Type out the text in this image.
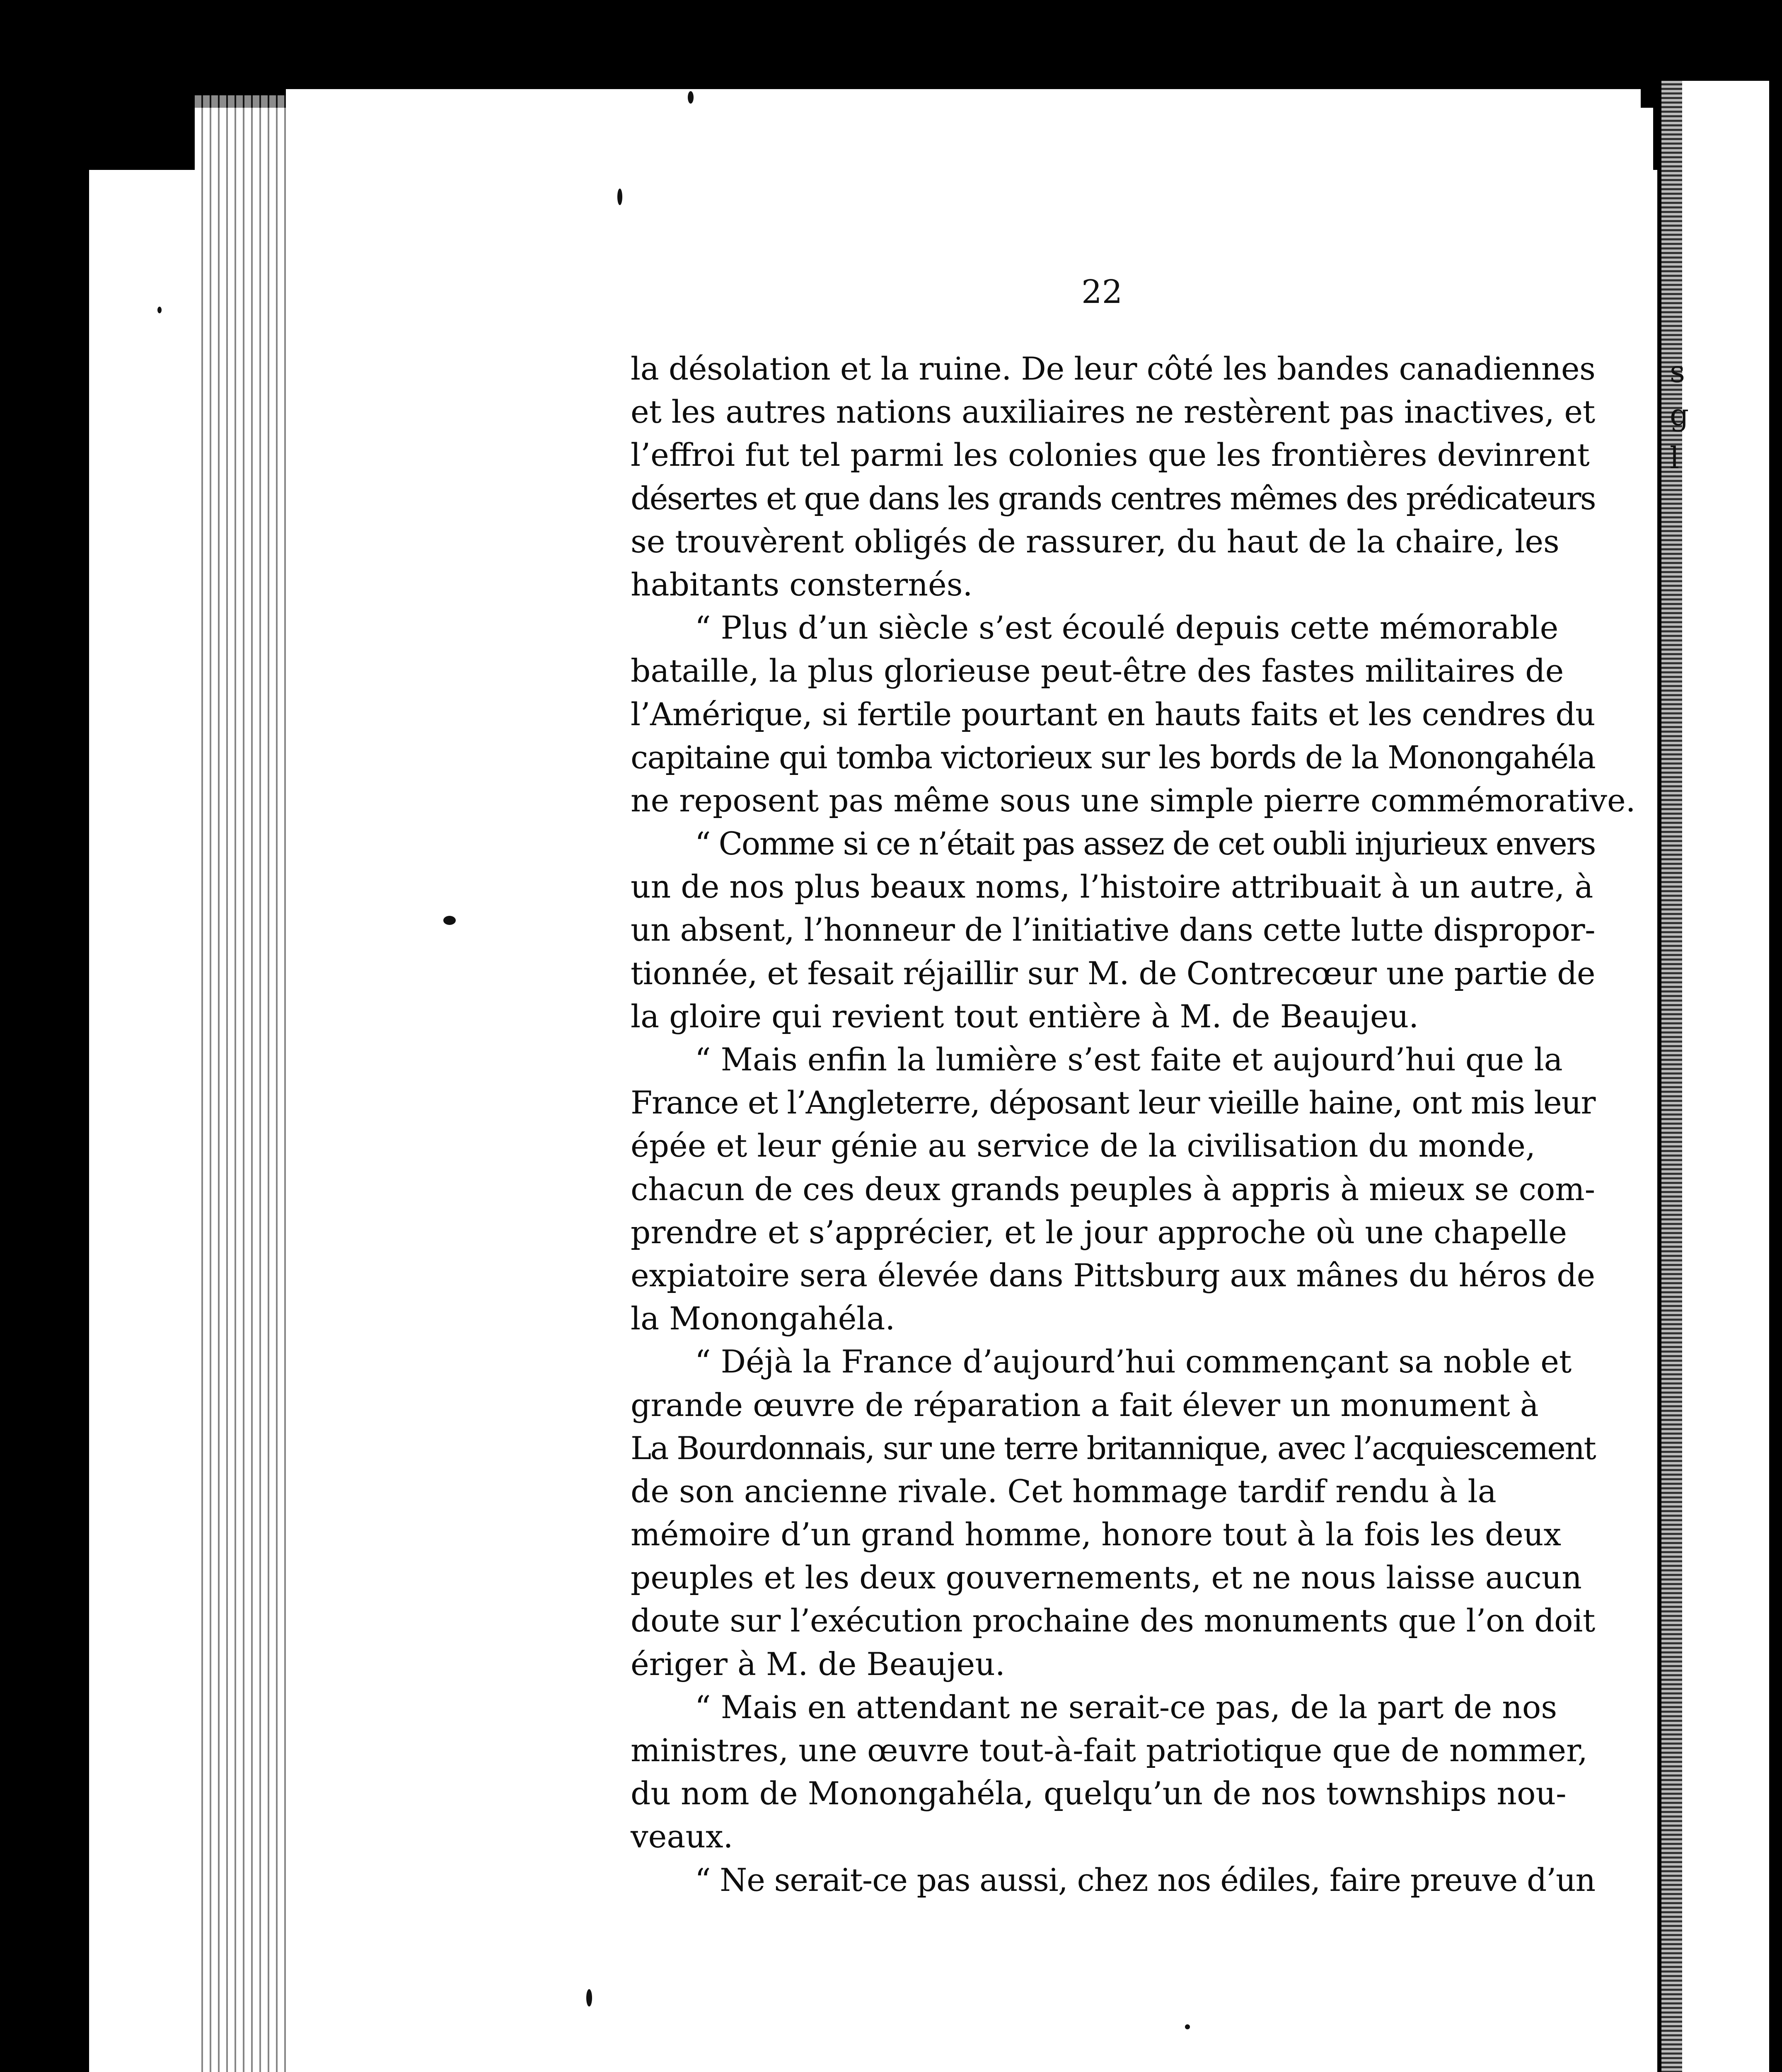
s
g
l
22
la désolation et la ruine. De leur côté les bandes canadiennes
et les autres nations auxiliaires ne restèrent pas inactives, et
l’effroi fut tel parmi les colonies que les frontières devinrent
désertes et que dans les grands centres mêmes des prédicateurs
se trouvèrent obligés de rassurer, du haut de la chaire, les
habitants consternés.
“ Plus d’un siècle s’est écoulé depuis cette mémorable
bataille, la plus glorieuse peut-être des fastes militaires de
l’Amérique, si fertile pourtant en hauts faits et les cendres du
capitaine qui tomba victorieux sur les bords de la Monongahéla
ne reposent pas même sous une simple pierre commémorative.
“ Comme si ce n’était pas assez de cet oubli injurieux envers
un de nos plus beaux noms, l’histoire attribuait à un autre, à
un absent, l’honneur de l’initiative dans cette lutte dispropor-
tionnée, et fesait réjaillir sur M. de Contrecœur une partie de
la gloire qui revient tout entière à M. de Beaujeu.
“ Mais enfin la lumière s’est faite et aujourd’hui que la
France et l’Angleterre, déposant leur vieille haine, ont mis leur
épée et leur génie au service de la civilisation du monde,
chacun de ces deux grands peuples à appris à mieux se com-
prendre et s’apprécier, et le jour approche où une chapelle
expiatoire sera élevée dans Pittsburg aux mânes du héros de
la Monongahéla.
“ Déjà la France d’aujourd’hui commençant sa noble et
grande œuvre de réparation a fait élever un monument à
La Bourdonnais, sur une terre britannique, avec l’acquiescement
de son ancienne rivale. Cet hommage tardif rendu à la
mémoire d’un grand homme, honore tout à la fois les deux
peuples et les deux gouvernements, et ne nous laisse aucun
doute sur l’exécution prochaine des monuments que l’on doit
ériger à M. de Beaujeu.
“ Mais en attendant ne serait-ce pas, de la part de nos
ministres, une œuvre tout-à-fait patriotique que de nommer,
du nom de Monongahéla, quelqu’un de nos townships nou-
veaux.
“ Ne serait-ce pas aussi, chez nos édiles, faire preuve d’un
